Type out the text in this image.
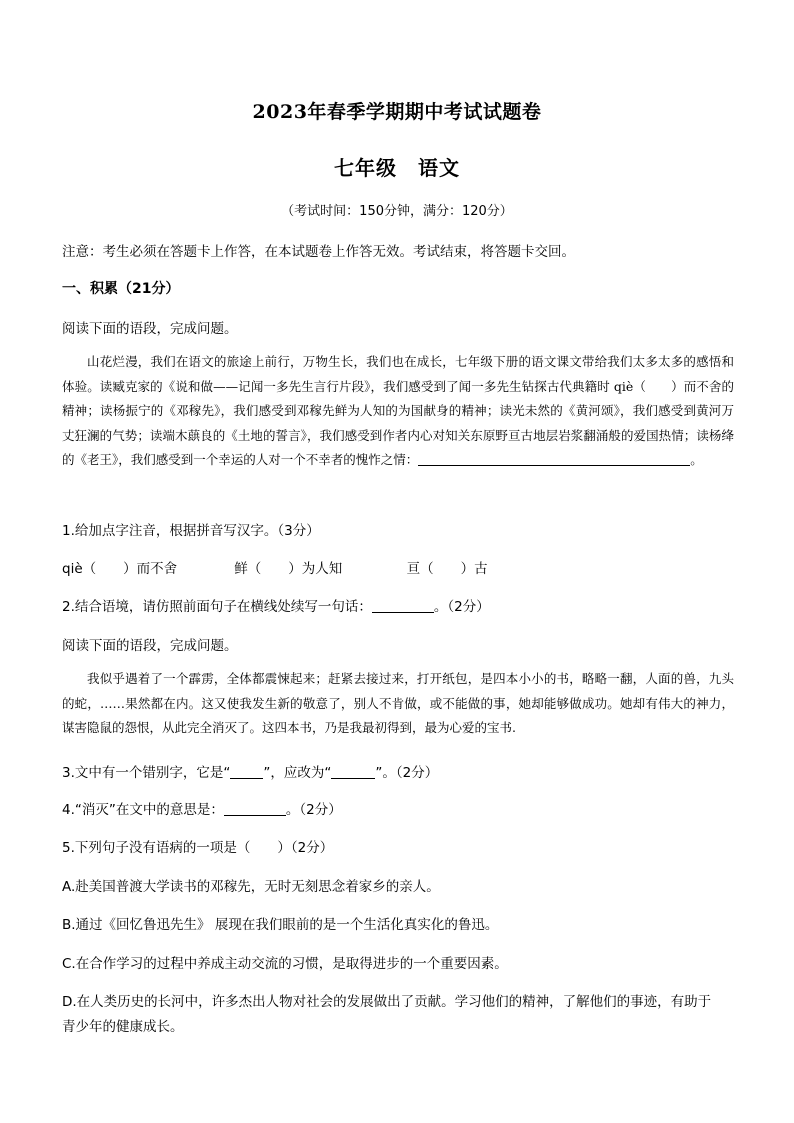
2023年春季学期期中考试试题卷
七年级　语文
（考试时间：150分钟，满分：120分）
注意：考生必须在答题卡上作答，在本试题卷上作答无效。考试结束，将答题卡交回。
一、积累（21分）
阅读下面的语段，完成问题。
山花烂漫，我们在语文的旅途上前行，万物生长，我们也在成长，七年级下册的语文课文带给我们太多太多的感悟和体验。读臧克家的《说和做——记闻一多先生言行片段》，我们感受到了闻一多先生钻探古代典籍时 qiè（　　）而不舍的精神；读杨振宁的《邓稼先》，我们感受到邓稼先鲜为人知的为国献身的精神；读光未然的《黄河颂》，我们感受到黄河万丈狂澜的气势；读端木蕻良的《土地的誓言》，我们感受到作者内心对知关东原野亘古地层岩浆翻涌般的爱国热情；读杨绛的《老王》，我们感受到一个幸运的人对一个不幸者的愧怍之情：	。
1.给加点字注音，根据拼音写汉字。（3分）
qiè（　　）而不舍	鲜（　　）为人知	亘（　　）古
2.结合语境，请仿照前面句子在横线处续写一句话：	。（2分）
阅读下面的语段，完成问题。
我似乎遇着了一个霹雳，全体都震悚起来；赶紧去接过来，打开纸包，是四本小小的书，略略一翻，人面的兽，九头的蛇，……果然都在内。这又使我发生新的敬意了，别人不肯做，或不能做的事，她却能够做成功。她却有伟大的神力，谋害隐鼠的怨恨，从此完全消灭了。这四本书，乃是我最初得到，最为心爱的宝书.
3.文中有一个错别字，它是“ ”，应改为“	”。（2分）
4.“消灭”在文中的意思是：	。（2分）
5.下列句子没有语病的一项是（　　）（2分）
A.赴美国普渡大学读书的邓稼先，无时无刻思念着家乡的亲人。
B.通过《回忆鲁迅先生》 展现在我们眼前的是一个生活化真实化的鲁迅。
C.在合作学习的过程中养成主动交流的习惯，是取得进步的一个重要因素。
D.在人类历史的长河中，许多杰出人物对社会的发展做出了贡献。学习他们的精神，了解他们的事迹，有助于
青少年的健康成长。
